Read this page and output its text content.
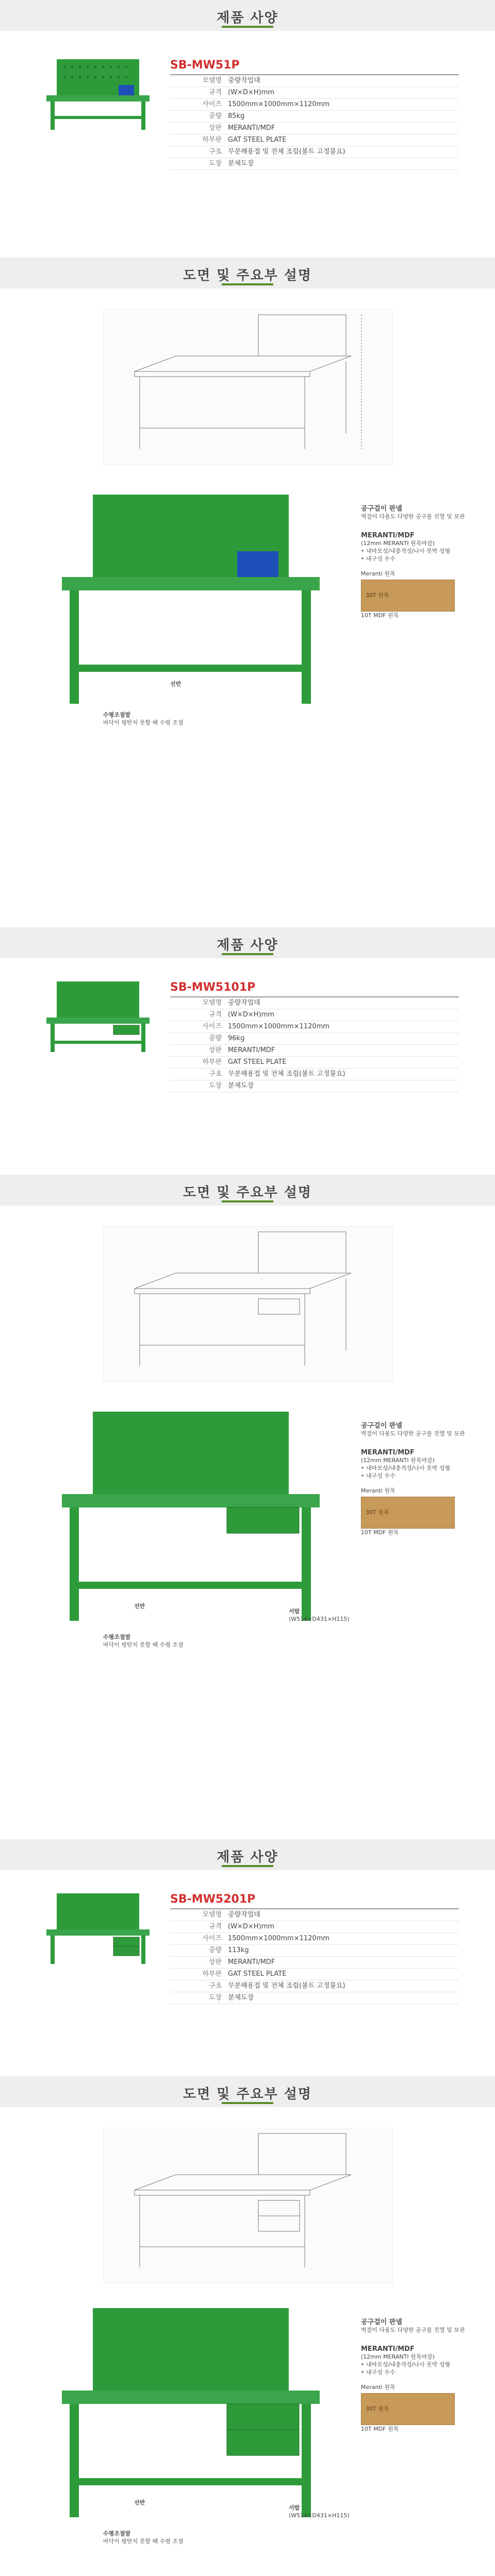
제품 사양
SB-MW51P
모델명 중량작업대
규격 (W×D×H)mm
사이즈 1500mm×1000mm×1120mm
중량 85kg
상판 MERANTI/MDF
하부판 GAT STEEL PLATE
구조 무분해용접 및 전체 조립(볼트 고정불요)
도장 분체도장
도면 및 주요부 설명
공구걸이 판넬
벽걸이 다용도 다양한 공구를 진열 및 보관
MERANTI/MDF
(12mm MERANTI 원목마감)
• 내마모성/내충격성/나사 못박 성형
• 내구성 우수
Meranti 원목
30T 원목
10T MDF 원목
선반
수평조절발
바닥이 평탄치 못할 때 수평 조절
제품 사양
SB-MW5101P
모델명 중량작업대
규격 (W×D×H)mm
사이즈 1500mm×1000mm×1120mm
중량 96kg
상판 MERANTI/MDF
하부판 GAT STEEL PLATE
구조 무분해용접 및 전체 조립(볼트 고정불요)
도장 분체도장
도면 및 주요부 설명
공구걸이 판넬
벽걸이 다용도 다양한 공구를 진열 및 보관
MERANTI/MDF
(12mm MERANTI 원목마감)
• 내마모성/내충격성/나사 못박 성형
• 내구성 우수
Meranti 원목
30T 원목
10T MDF 원목
선반
서랍
(W514×D431×H115)
수평조절발
바닥이 평탄치 못할 때 수평 조절
제품 사양
SB-MW5201P
모델명 중량작업대
규격 (W×D×H)mm
사이즈 1500mm×1000mm×1120mm
중량 113kg
상판 MERANTI/MDF
하부판 GAT STEEL PLATE
구조 무분해용접 및 전체 조립(볼트 고정불요)
도장 분체도장
도면 및 주요부 설명
공구걸이 판넬
벽걸이 다용도 다양한 공구를 진열 및 보관
MERANTI/MDF
(12mm MERANTI 원목마감)
• 내마모성/내충격성/나사 못박 성형
• 내구성 우수
Meranti 원목
30T 원목
10T MDF 원목
선반
서랍
(W514×D431×H115)
수평조절발
바닥이 평탄치 못할 때 수평 조절
